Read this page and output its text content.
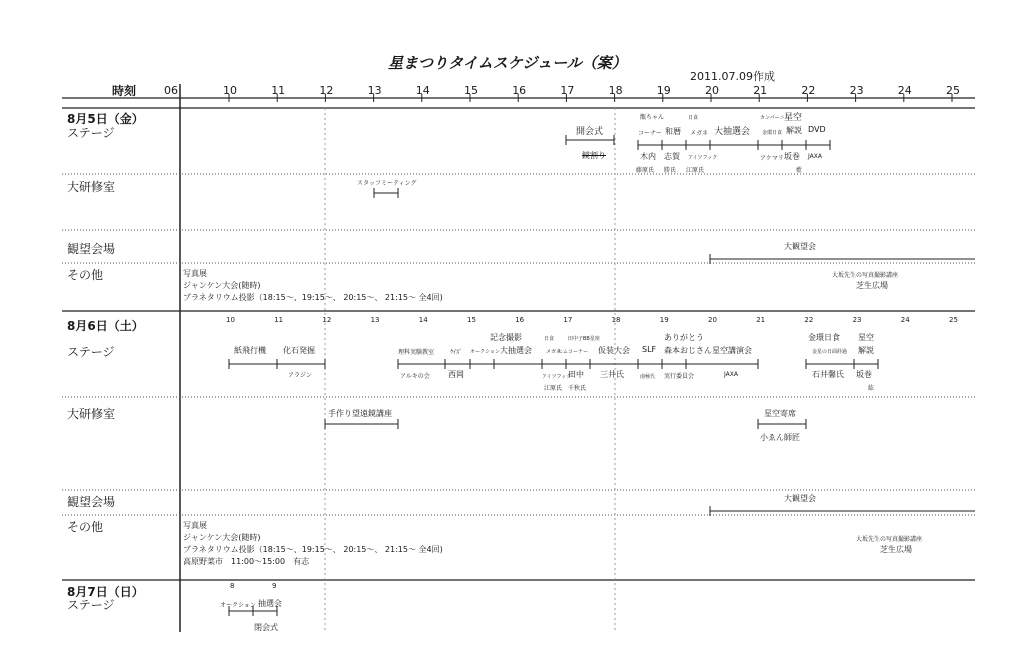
星まつりタイムスケジュール（案）
2011.07.09作成
時刻	06	10	11	12	13	14	15	16	17	18	19	20	21	22	23	24	25
8月5日（金）
ステージ
大研修室
観望会場
その他
甑ちゃん	日食	カンパーニ 星空
開会式	コーナー 和暦 メガネ 大抽選会 金環日食 解説 DVD
鏡割り	木内 志賀 アイソフック	アケマリ 坂巻 JAXA
藤原氏 勝氏 江原氏	藍
スタッフミーティング
大観望会
写真展
ジャンケン大会(随時)
プラネタリウム投影（18:15～、19:15～、 20:15～、 21:15～ 全4回)
大坂先生の写真撮影講座
芝生広場
8月6日（土）	10	11	12	13	14	15	16	17	18	19	20	21	22	23	24	25
ステージ
大研修室
観望会場
その他
記念撮影	日食	田中子BB星座	ありがとう	金環日食 星空
オークション	メガネ
ヒムコーナー	金星の日面経過
紙飛行機 化石発掘	理科実験教室	ｸｲｽﾞ	大抽選会	仮装大会 SLF 森本おじさん 星空講演会	解説
アラジン	アルキの会 西岡	アイソフック
田中 三井氏	実行委員会	JAXA	石井馨氏 坂巻
南極氏
江原氏 千秋氏	紘
手作り望遠鏡講座	星空寄席
小ゑん師匠
大観望会
写真展
ジャンケン大会(随時)
プラネタリウム投影（18:15～、19:15～、 20:15～、 21:15～ 全4回)
高原野菜市　11:00～15:00　有志
大坂先生の写真撮影講座
芝生広場
8月7日（日）
ステージ
8	9
オークション 抽選会
閉会式
